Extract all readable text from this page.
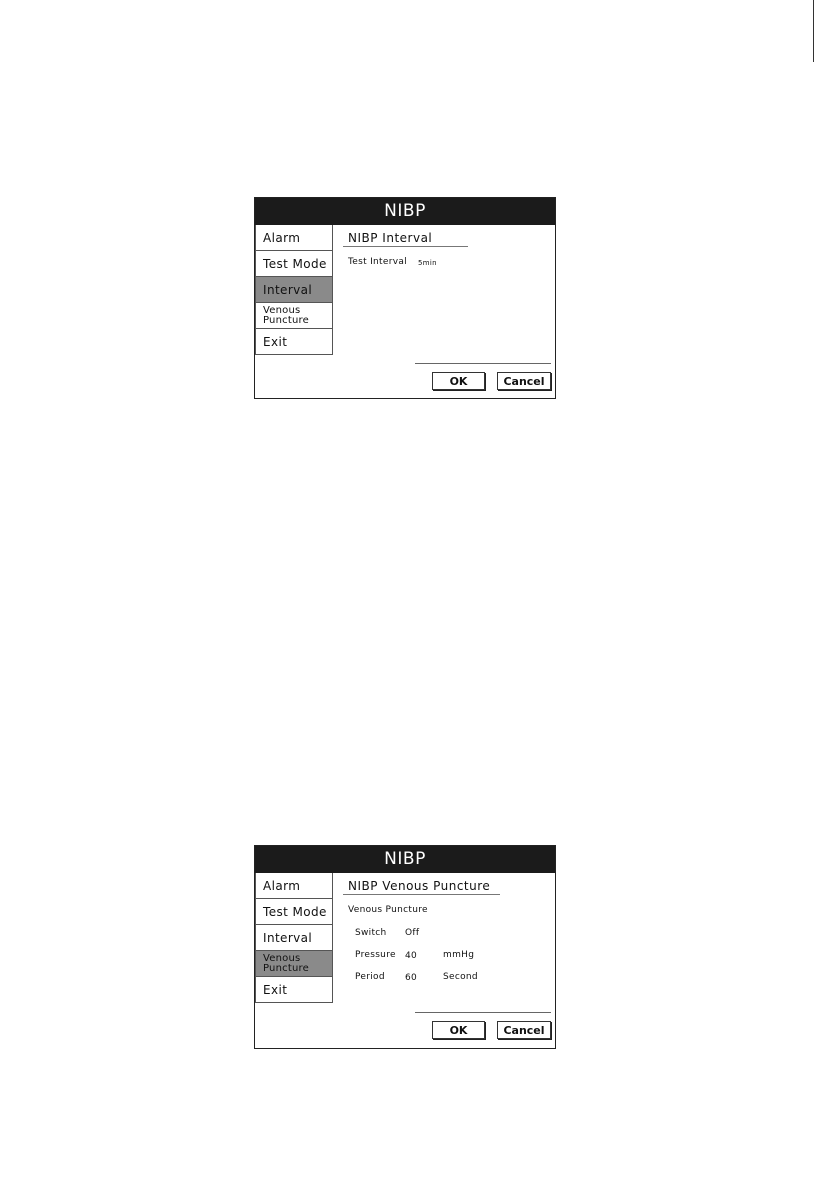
NIBP
Alarm
Test Mode
Interval
Venous Puncture
Exit
NIBP Interval
Test Interval 5min
OK	Cancel
NIBP
Alarm
Test Mode
Interval
Venous Puncture
Exit
NIBP Venous Puncture
Venous Puncture
Switch Off
Pressure 40	mmHg
Period 60	Second
OK	Cancel
